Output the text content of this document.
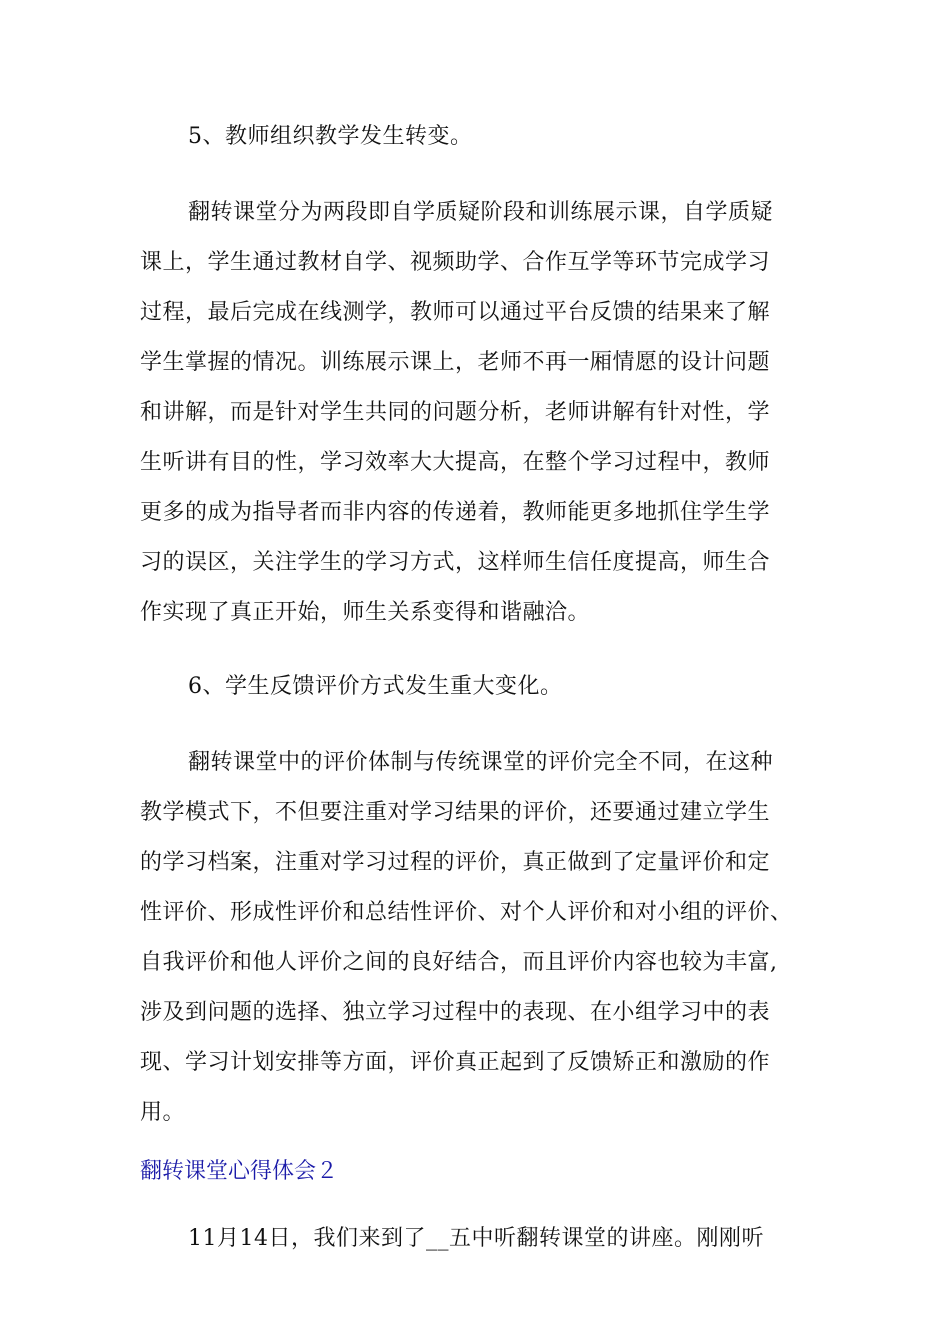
5、教师组织教学发生转变。
翻转课堂分为两段即自学质疑阶段和训练展示课，自学质疑
课上，学生通过教材自学、视频助学、合作互学等环节完成学习
过程，最后完成在线测学，教师可以通过平台反馈的结果来了解
学生掌握的情况。训练展示课上，老师不再一厢情愿的设计问题
和讲解，而是针对学生共同的问题分析，老师讲解有针对性，学
生听讲有目的性，学习效率大大提高，在整个学习过程中，教师
更多的成为指导者而非内容的传递着，教师能更多地抓住学生学
习的误区，关注学生的学习方式，这样师生信任度提高，师生合
作实现了真正开始，师生关系变得和谐融洽。
6、学生反馈评价方式发生重大变化。
翻转课堂中的评价体制与传统课堂的评价完全不同，在这种
教学模式下，不但要注重对学习结果的评价，还要通过建立学生
的学习档案，注重对学习过程的评价，真正做到了定量评价和定
性评价、形成性评价和总结性评价、对个人评价和对小组的评价、
自我评价和他人评价之间的良好结合，而且评价内容也较为丰富,
涉及到问题的选择、独立学习过程中的表现、在小组学习中的表
现、学习计划安排等方面，评价真正起到了反馈矫正和激励的作
用。
翻转课堂心得体会２
11月14日，我们来到了__五中听翻转课堂的讲座。刚刚听
